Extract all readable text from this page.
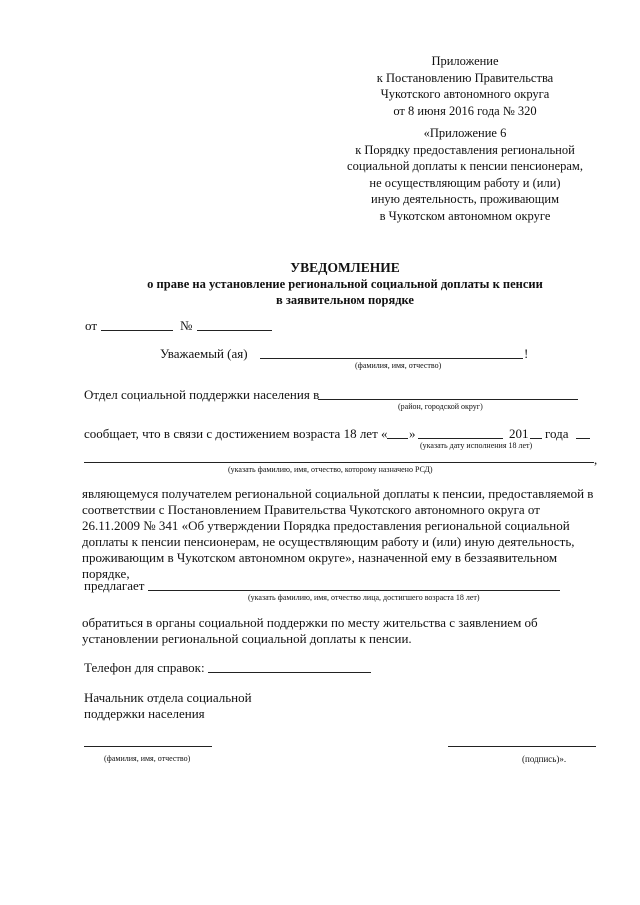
Приложение
к Постановлению Правительства
Чукотского автономного округа
от 8 июня 2016 года № 320
«Приложение 6
к Порядку предоставления региональной
социальной доплаты к пенсии пенсионерам,
не осуществляющим работу и (или)
иную деятельность, проживающим
в Чукотском автономном округе
УВЕДОМЛЕНИЕ
о праве на установление региональной социальной доплаты к пенсии
в заявительном порядке
от	№
Уважаемый (ая)	!
(фамилия, имя, отчество)
Отдел социальной поддержки населения в
(район, городской округ)
сообщает, что в связи с достижением возраста 18 лет « »	201 года
(указать дату исполнения 18 лет)
,
(указать фамилию, имя, отчество, которому назначено РСД)
являющемуся получателем региональной социальной доплаты к пенсии, предоставляемой в
соответствии с Постановлением Правительства Чукотского автономного округа от
26.11.2009 № 341 «Об утверждении Порядка предоставления региональной социальной
доплаты к пенсии пенсионерам, не осуществляющим работу и (или) иную деятельность,
проживающим в Чукотском автономном округе», назначенной ему в беззаявительном
порядке,
предлагает
(указать фамилию, имя, отчество лица, достигшего возраста 18 лет)
обратиться в органы социальной поддержки по месту жительства с заявлением об
установлении региональной социальной доплаты к пенсии.
Телефон для справок:
Начальник отдела социальной
поддержки населения
(фамилия, имя, отчество)	(подпись)».
